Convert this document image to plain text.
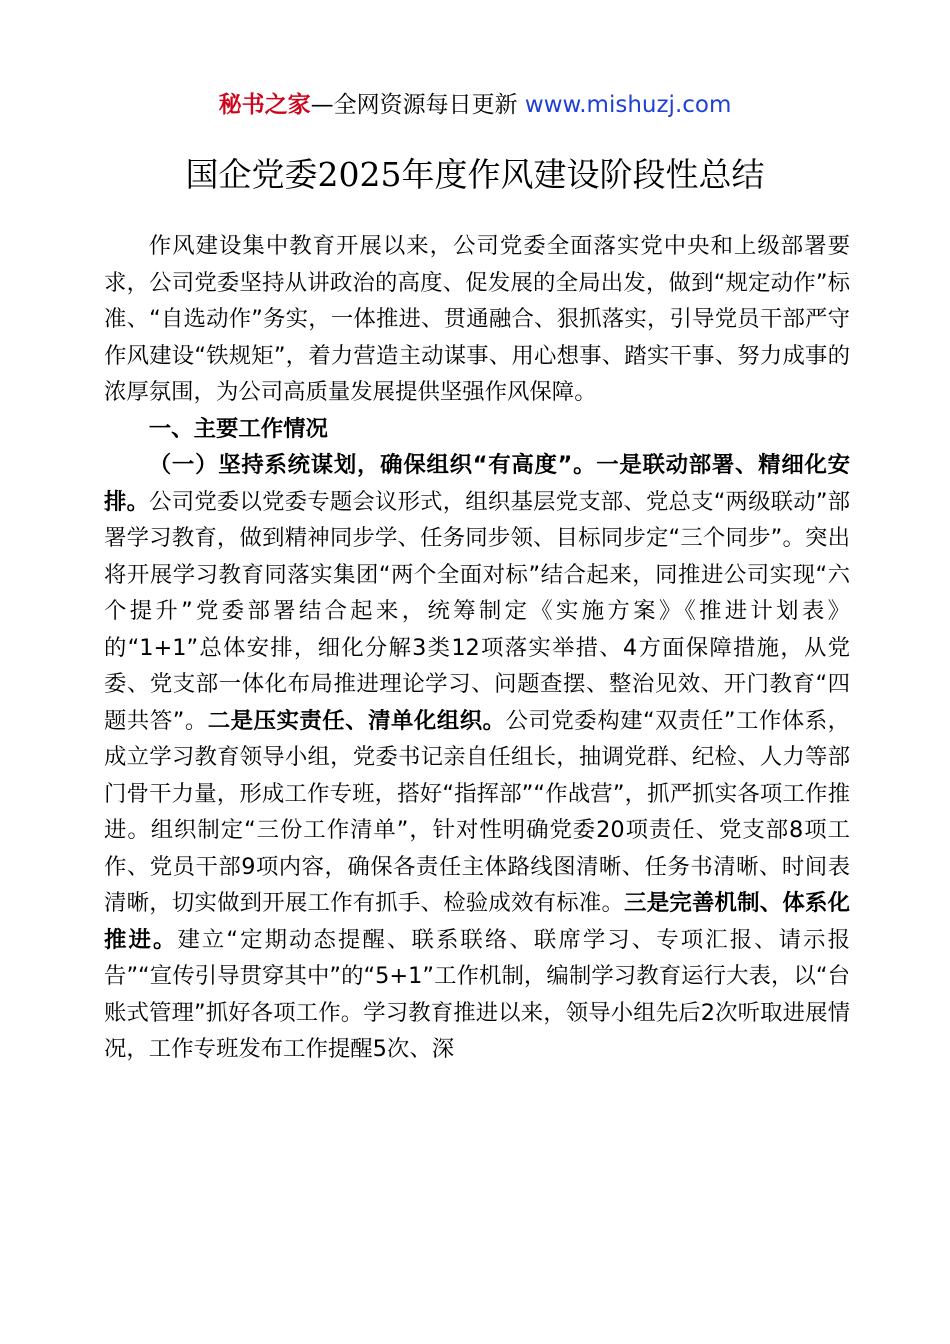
秘书之家—全网资源每日更新 www.mishuzj.com
国企党委2025年度作风建设阶段性总结

作风建设集中教育开展以来，公司党委全面落实党中央和上级部署要求，公司党委坚持从讲政治的高度、促发展的全局出发，做到“规定动作”标准、“自选动作”务实，一体推进、贯通融合、狠抓落实，引导党员干部严守作风建设“铁规矩”，着力营造主动谋事、用心想事、踏实干事、努力成事的浓厚氛围，为公司高质量发展提供坚强作风保障。

一、主要工作情况

（一）坚持系统谋划，确保组织“有高度”。一是联动部署、精细化安排。公司党委以党委专题会议形式，组织基层党支部、党总支“两级联动”部署学习教育，做到精神同步学、任务同步领、目标同步定“三个同步”。突出将开展学习教育同落实集团“两个全面对标”结合起来，同推进公司实现“六个提升”党委部署结合起来，统筹制定《实施方案》《推进计划表》的“1+1”总体安排，细化分解3类12项落实举措、4方面保障措施，从党委、党支部一体化布局推进理论学习、问题查摆、整治见效、开门教育“四题共答”。二是压实责任、清单化组织。公司党委构建“双责任”工作体系，成立学习教育领导小组，党委书记亲自任组长，抽调党群、纪检、人力等部门骨干力量，形成工作专班，搭好“指挥部”“作战营”，抓严抓实各项工作推进。组织制定“三份工作清单”，针对性明确党委20项责任、党支部8项工作、党员干部9项内容，确保各责任主体路线图清晰、任务书清晰、时间表清晰，切实做到开展工作有抓手、检验成效有标准。三是完善机制、体系化推进。建立“定期动态提醒、联系联络、联席学习、专项汇报、请示报告”“宣传引导贯穿其中”的“5+1”工作机制，编制学习教育运行大表，以“台账式管理”抓好各项工作。学习教育推进以来，领导小组先后2次听取进展情况，工作专班发布工作提醒5次、深
